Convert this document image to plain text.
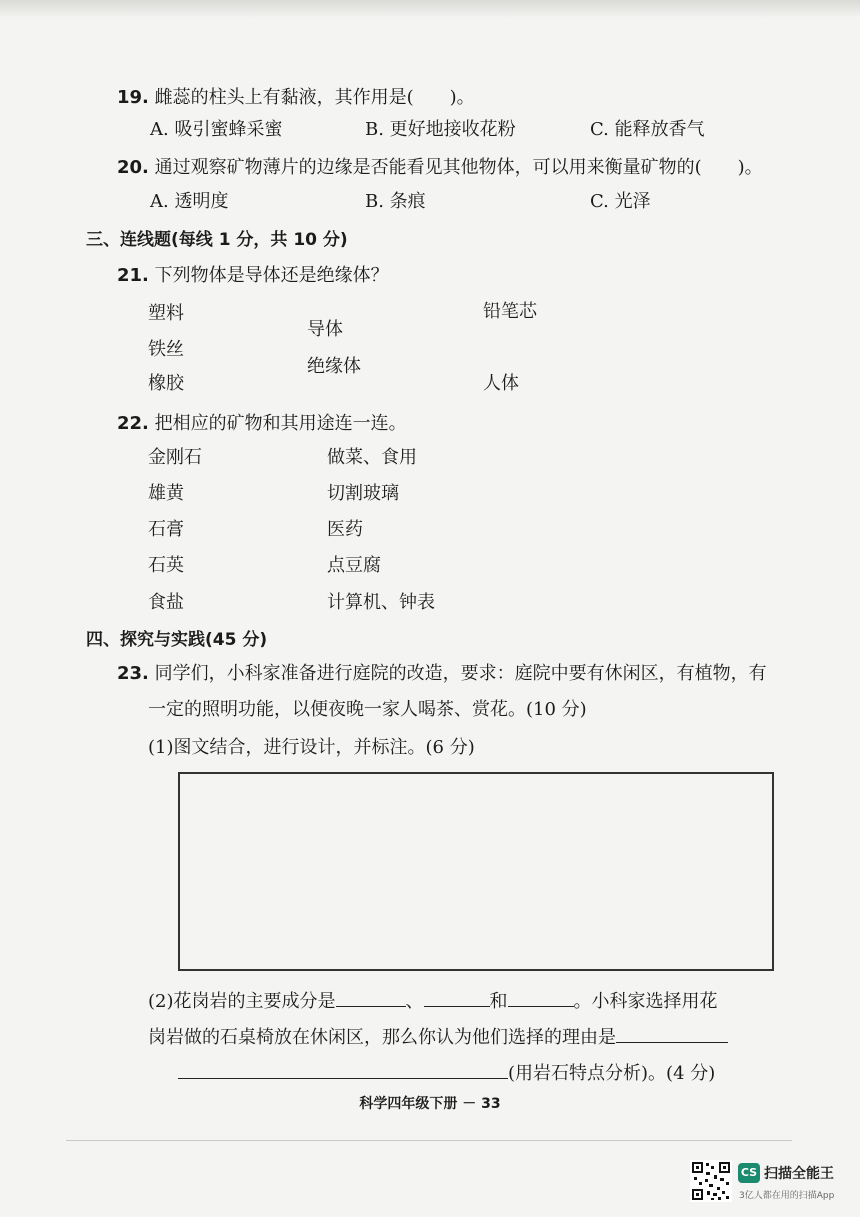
19. 雌蕊的柱头上有黏液，其作用是(　　)。
A. 吸引蜜蜂采蜜	B. 更好地接收花粉	C. 能释放香气
20. 通过观察矿物薄片的边缘是否能看见其他物体，可以用来衡量矿物的(　　)。
A. 透明度	B. 条痕	C. 光泽
三、连线题(每线 1 分，共 10 分)
21. 下列物体是导体还是绝缘体？
塑料
铁丝
橡胶
导体
绝缘体
铅笔芯
人体
22. 把相应的矿物和其用途连一连。
金刚石
雄黄
石膏
石英
食盐
做菜、食用
切割玻璃
医药
点豆腐
计算机、钟表
四、探究与实践(45 分)
23. 同学们，小科家准备进行庭院的改造，要求：庭院中要有休闲区，有植物，有
一定的照明功能，以便夜晚一家人喝茶、赏花。(10 分)
(1)图文结合，进行设计，并标注。(6 分)
(2)花岗岩的主要成分是	、	和	。小科家选择用花
岗岩做的石桌椅放在休闲区，那么你认为他们选择的理由是
(用岩石特点分析)。(4 分)
科学四年级下册 － 33
CS 扫描全能王
3亿人都在用的扫描App
